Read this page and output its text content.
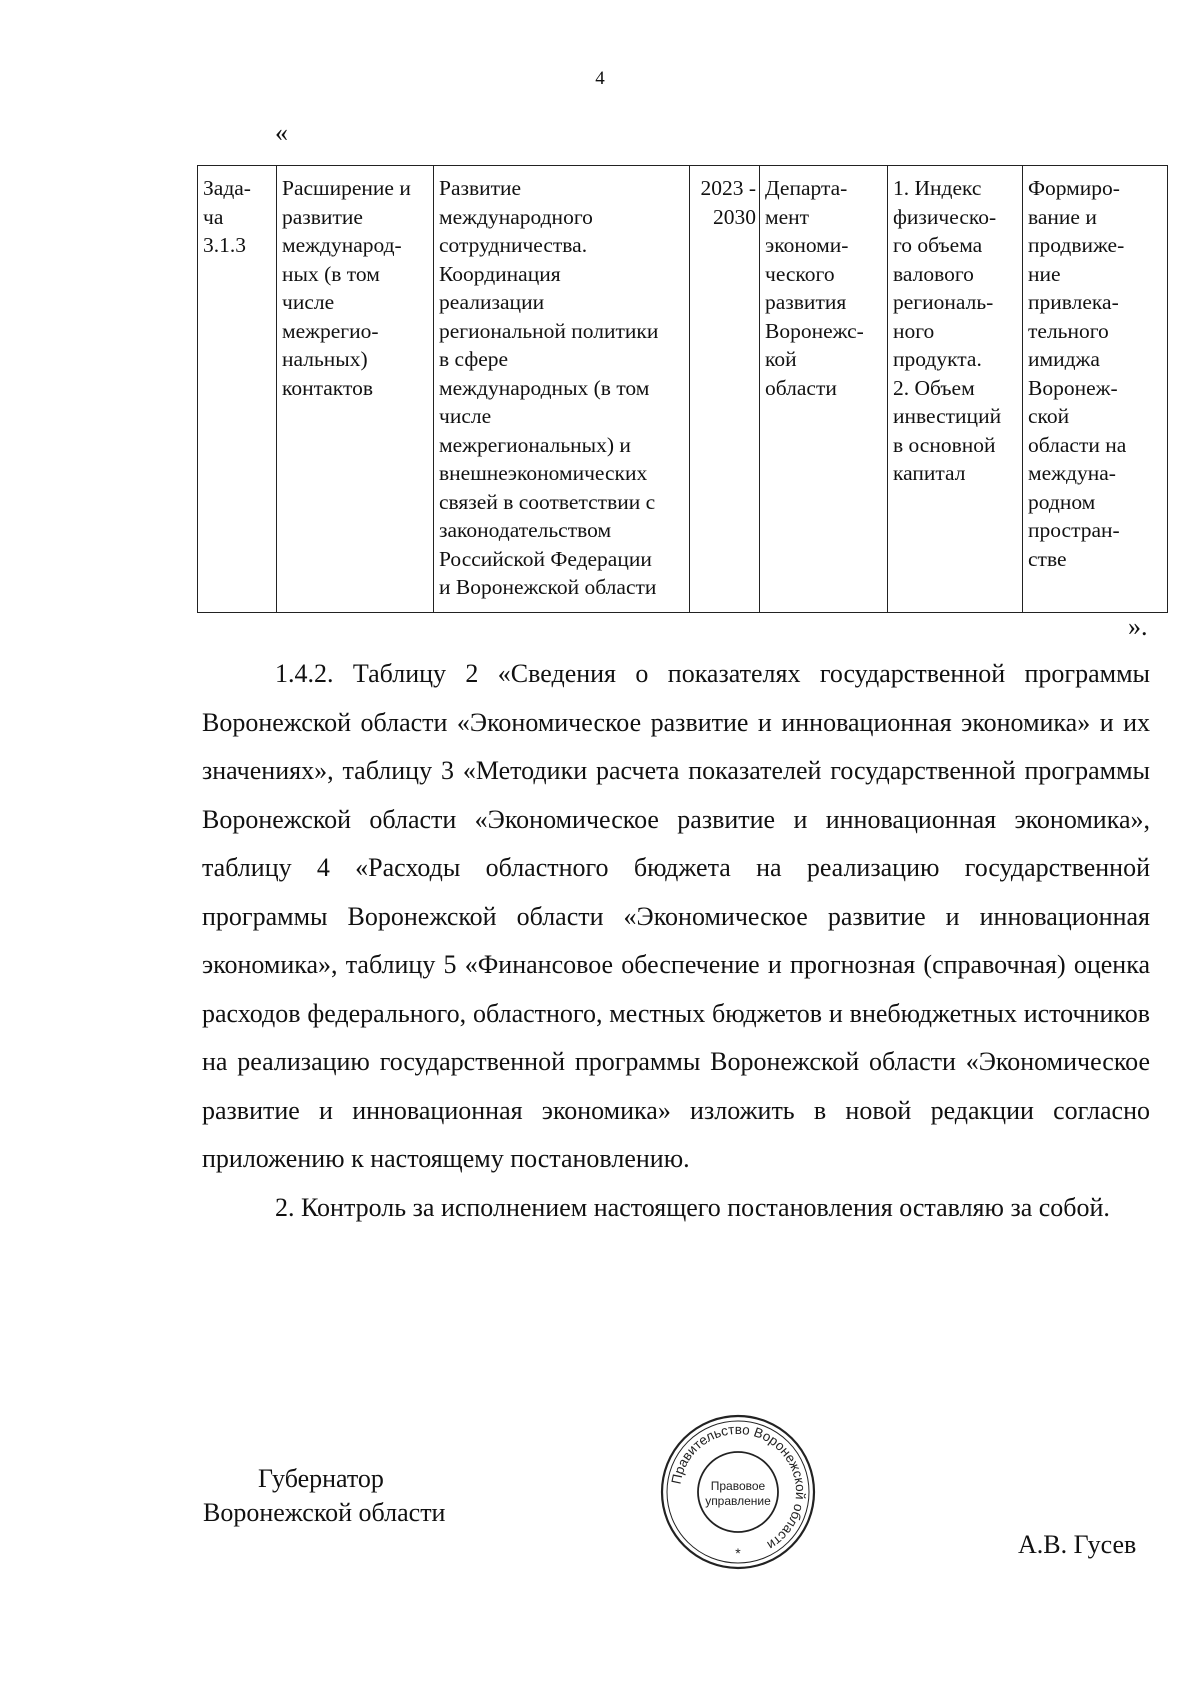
4
«
Зада-
ча
3.1.3	Расширение и
развитие
международ-
ных (в том
числе
межрегио-
нальных)
контактов	Развитие
международного
сотрудничества.
Координация
реализации
региональной политики
в сфере
международных (в том
числе
межрегиональных) и
внешнеэкономических
связей в соответствии с
законодательством
Российской Федерации
и Воронежской области	2023 -
2030	Департа-
мент
экономи-
ческого
развития
Воронежс-
кой
области	1. Индекс
физическо-
го объема
валового
региональ-
ного
продукта.
2. Объем
инвестиций
в основной
капитал	Формиро-
вание и
продвиже-
ние
привлека-
тельного
имиджа
Воронеж-
ской
области на
междуна-
родном
простран-
стве
».

1.4.2. Таблицу 2 «Сведения о показателях государственной программы Воронежской области «Экономическое развитие и инновационная экономика» и их значениях», таблицу 3 «Методики расчета показателей государственной программы Воронежской области «Экономическое развитие и инновационная экономика», таблицу 4 «Расходы областного бюджета на реализацию государственной программы Воронежской области «Экономическое развитие и инновационная экономика», таблицу 5 «Финансовое обеспечение и прогнозная (справочная) оценка расходов федерального, областного, местных бюджетов и внебюджетных источников на реализацию государственной программы Воронежской области «Экономическое развитие и инновационная экономика» изложить в новой редакции согласно приложению к настоящему постановлению.

2. Контроль за исполнением настоящего постановления оставляю за собой.

Губернатор
Воронежской области
А.В. Гусев
Правительство Воронежской области
Правовое
управление
*
